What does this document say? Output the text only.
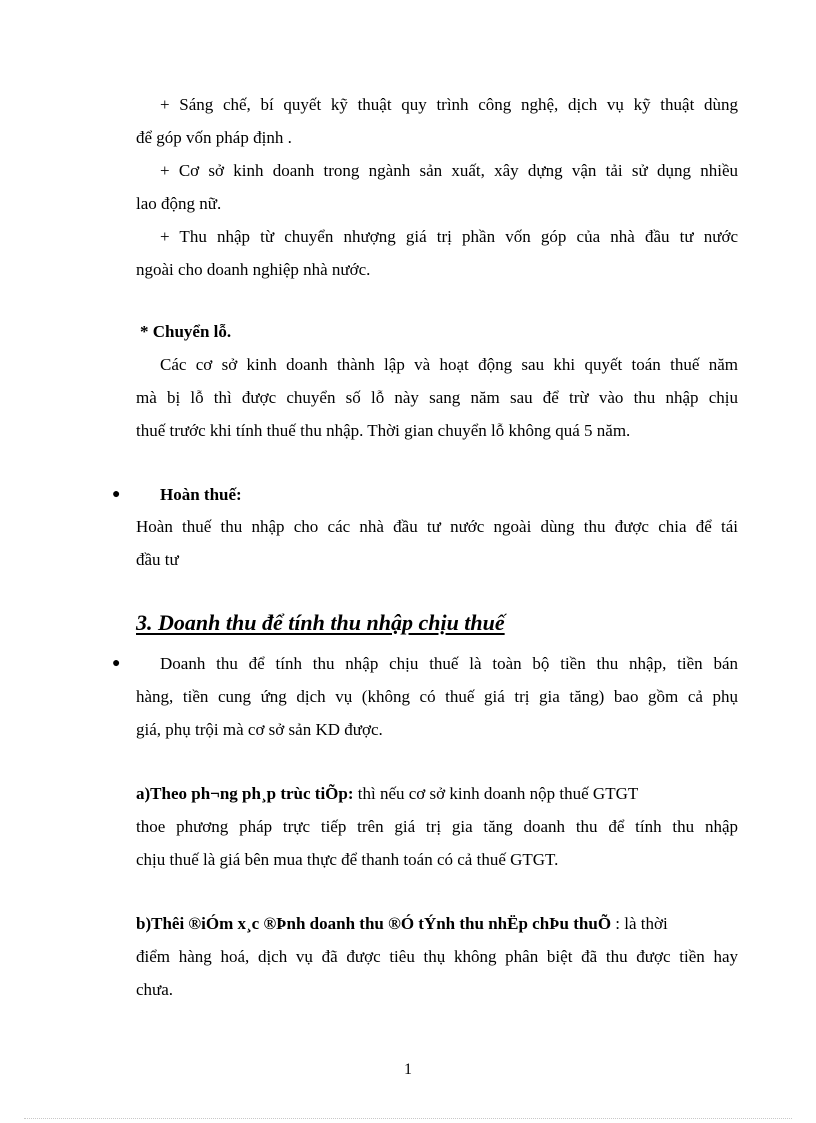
+ Sáng chế, bí quyết kỹ thuật quy trình công nghệ, dịch vụ kỹ thuật dùng
để góp vốn pháp định .
+ Cơ sở kinh doanh trong ngành sản xuất, xây dựng vận tải sử dụng nhiều
lao động nữ.
+ Thu nhập từ chuyển nhượng giá trị phần vốn góp của nhà đầu tư nước
ngoài cho doanh nghiệp nhà nước.
* Chuyển lỗ.
Các cơ sở kinh doanh thành lập và hoạt động sau khi quyết toán thuế năm
mà bị lỗ thì được chuyển số lỗ này sang năm sau để trừ vào thu nhập chịu
thuế trước khi tính thuế thu nhập. Thời gian chuyển lỗ không quá 5 năm.
● Hoàn thuế:
Hoàn thuế thu nhập cho các nhà đầu tư nước ngoài dùng thu được chia để tái
đầu tư
3. Doanh thu để tính thu nhập chịu thuế
● Doanh thu để tính thu nhập chịu thuế là toàn bộ tiền thu nhập, tiền bán
hàng, tiền cung ứng dịch vụ (không có thuế giá trị gia tăng) bao gồm cả phụ
giá, phụ trội mà cơ sở sản KD được.
a)Theo ph¬ng ph¸p trùc tiÕp: thì nếu cơ sở kinh doanh nộp thuế GTGT
thoe phương pháp trực tiếp trên giá trị gia tăng doanh thu để tính thu nhập
chịu thuế là giá bên mua thực để thanh toán có cả thuế GTGT.
b)Thêi ®iÓm x¸c ®Þnh doanh thu ®Ó tÝnh thu nhËp chÞu thuÕ : là thời
điểm hàng hoá, dịch vụ đã được tiêu thụ không phân biệt đã thu được tiền hay
chưa.
1
